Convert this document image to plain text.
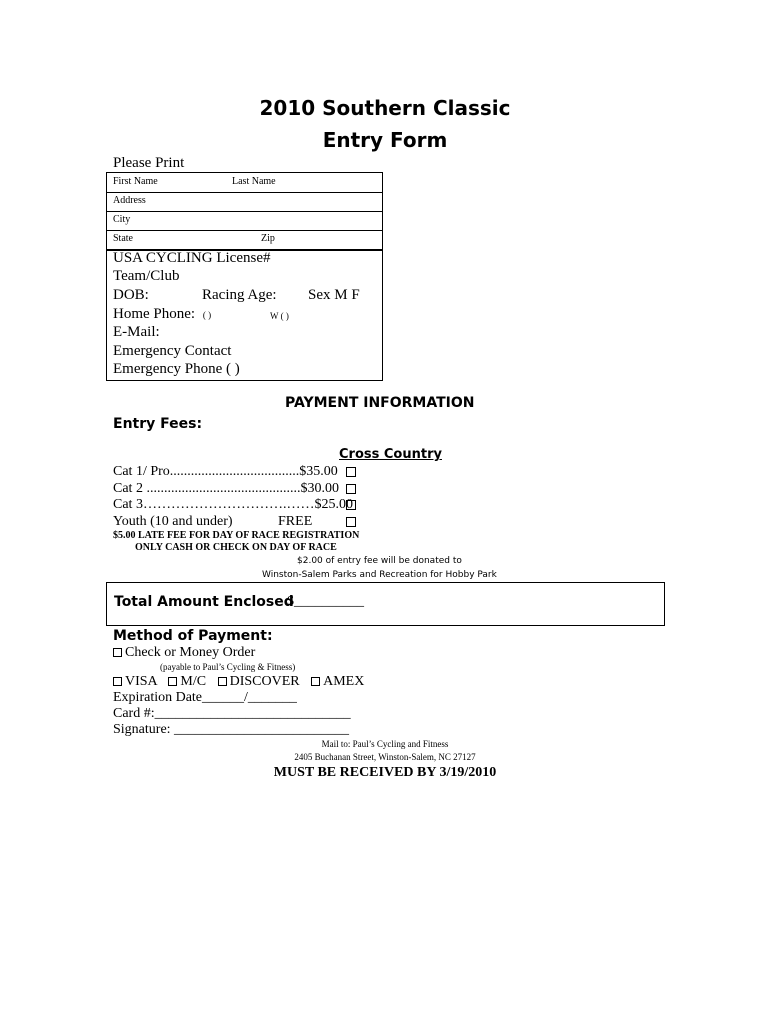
2010 Southern Classic
Entry Form
Please Print
First Name	Last Name
Address
City
State	Zip
USA CYCLING License#
Team/Club
DOB:	Racing Age: Sex M F
Home Phone: ( )	W ( )
E-Mail:
Emergency Contact
Emergency Phone ( )
PAYMENT INFORMATION
Entry Fees:
Cross Country
Cat 1/ Pro.....................................$35.00
Cat 2 ............................................$30.00
Cat 3………………………….……$25.00
Youth (10 and under)             FREE
$5.00 LATE FEE FOR DAY OF RACE REGISTRATION
ONLY CASH OR CHECK ON DAY OF RACE
$2.00 of entry fee will be donated to
Winston-Salem Parks and Recreation for Hobby Park
Total Amount Enclosed
$__________
Method of Payment:
Check or Money Order
(payable to Paul’s Cycling & Fitness)
VISA M/C DISCOVER AMEX
Expiration Date______/_______
Card #:____________________________
Signature: _________________________
Mail to: Paul’s Cycling and Fitness
2405 Buchanan Street, Winston-Salem, NC 27127
MUST BE RECEIVED BY 3/19/2010
